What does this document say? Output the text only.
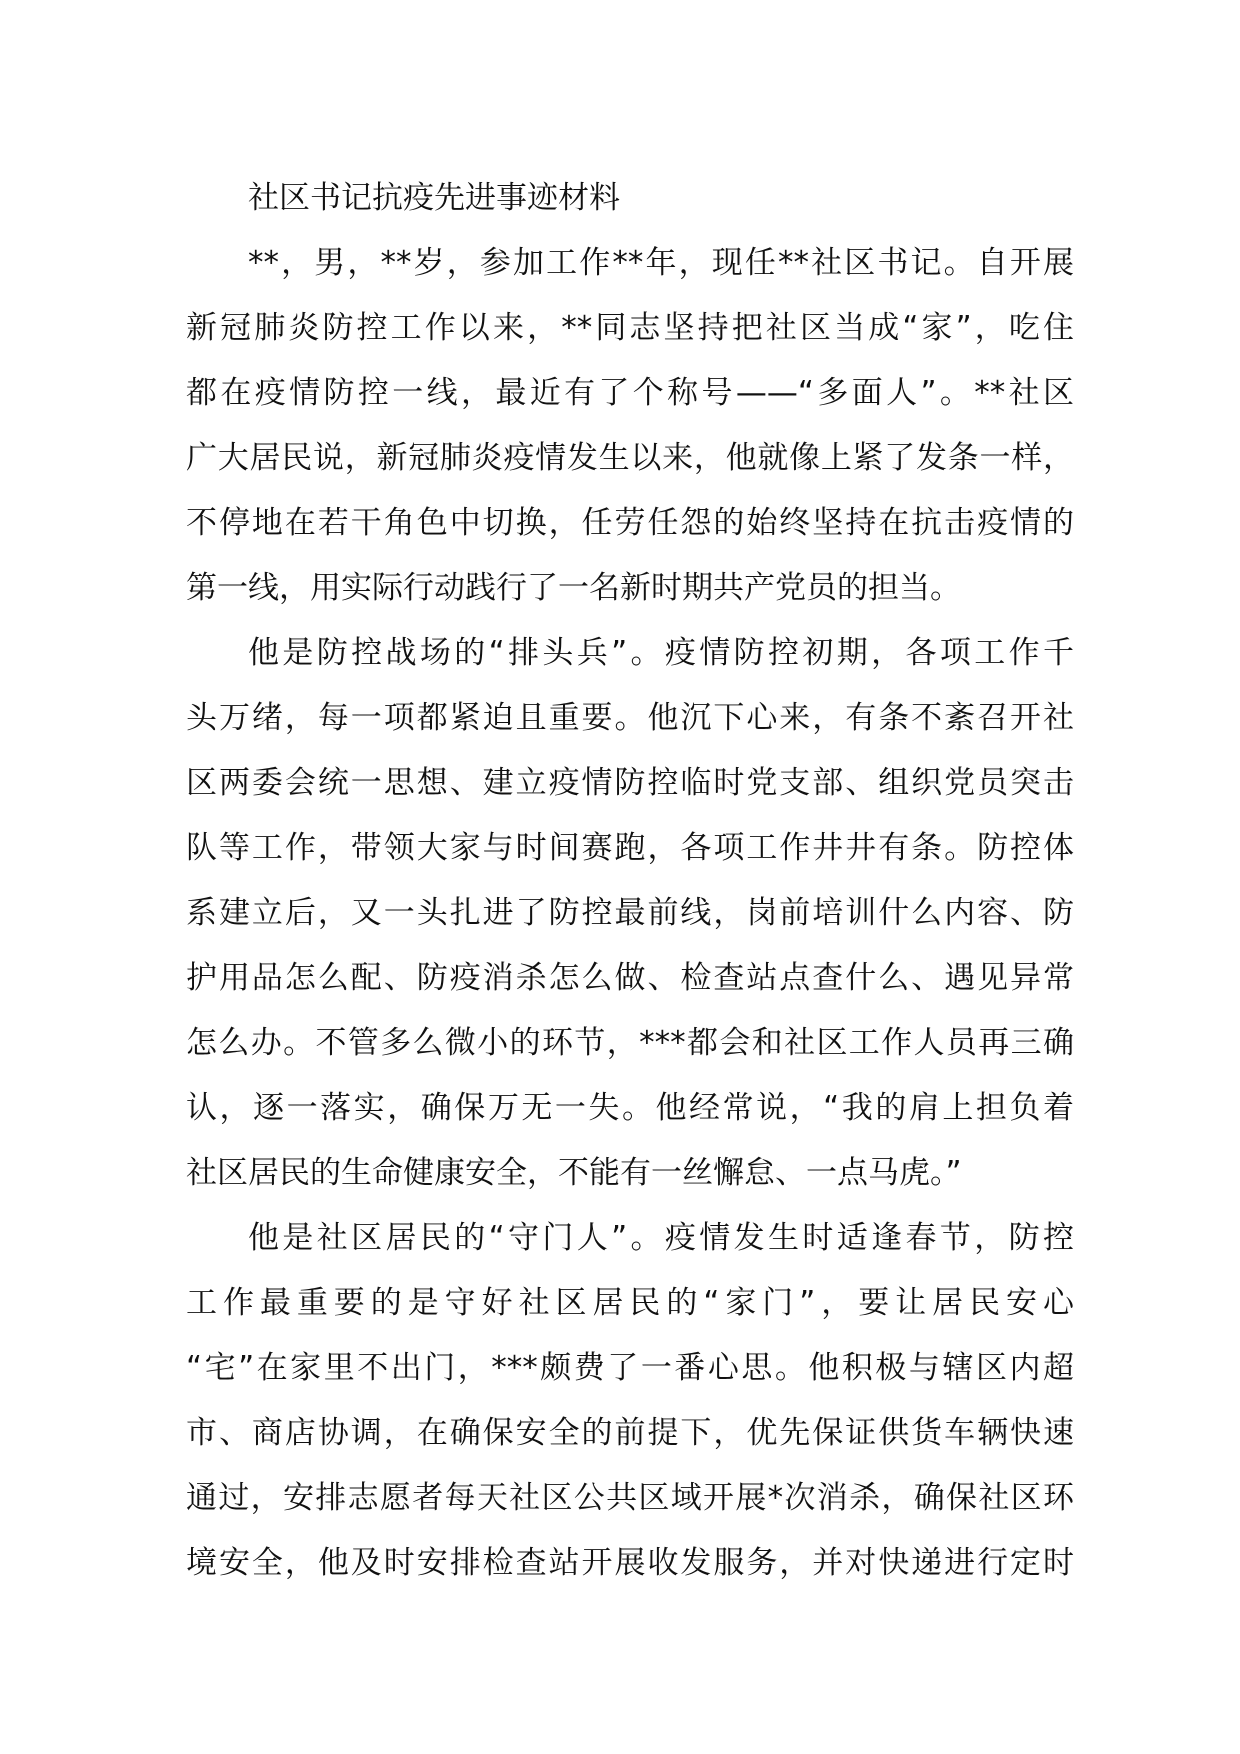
社区书记抗疫先进事迹材料

**，男，**岁，参加工作**年，现任**社区书记。自开展
新冠肺炎防控工作以来，**同志坚持把社区当成“家”，吃住
都在疫情防控一线，最近有了个称号——“多面人”。**社区
广大居民说，新冠肺炎疫情发生以来，他就像上紧了发条一样，
不停地在若干角色中切换，任劳任怨的始终坚持在抗击疫情的
第一线，用实际行动践行了一名新时期共产党员的担当。

他是防控战场的“排头兵”。疫情防控初期，各项工作千
头万绪，每一项都紧迫且重要。他沉下心来，有条不紊召开社
区两委会统一思想、建立疫情防控临时党支部、组织党员突击
队等工作，带领大家与时间赛跑，各项工作井井有条。防控体
系建立后，又一头扎进了防控最前线，岗前培训什么内容、防
护用品怎么配、防疫消杀怎么做、检查站点查什么、遇见异常
怎么办。不管多么微小的环节，***都会和社区工作人员再三确
认，逐一落实，确保万无一失。他经常说，“我的肩上担负着
社区居民的生命健康安全，不能有一丝懈怠、一点马虎。”

他是社区居民的“守门人”。疫情发生时适逢春节，防控
工作最重要的是守好社区居民的“家门”，要让居民安心
“宅”在家里不出门，***颇费了一番心思。他积极与辖区内超
市、商店协调，在确保安全的前提下，优先保证供货车辆快速
通过，安排志愿者每天社区公共区域开展*次消杀，确保社区环
境安全，他及时安排检查站开展收发服务，并对快递进行定时
